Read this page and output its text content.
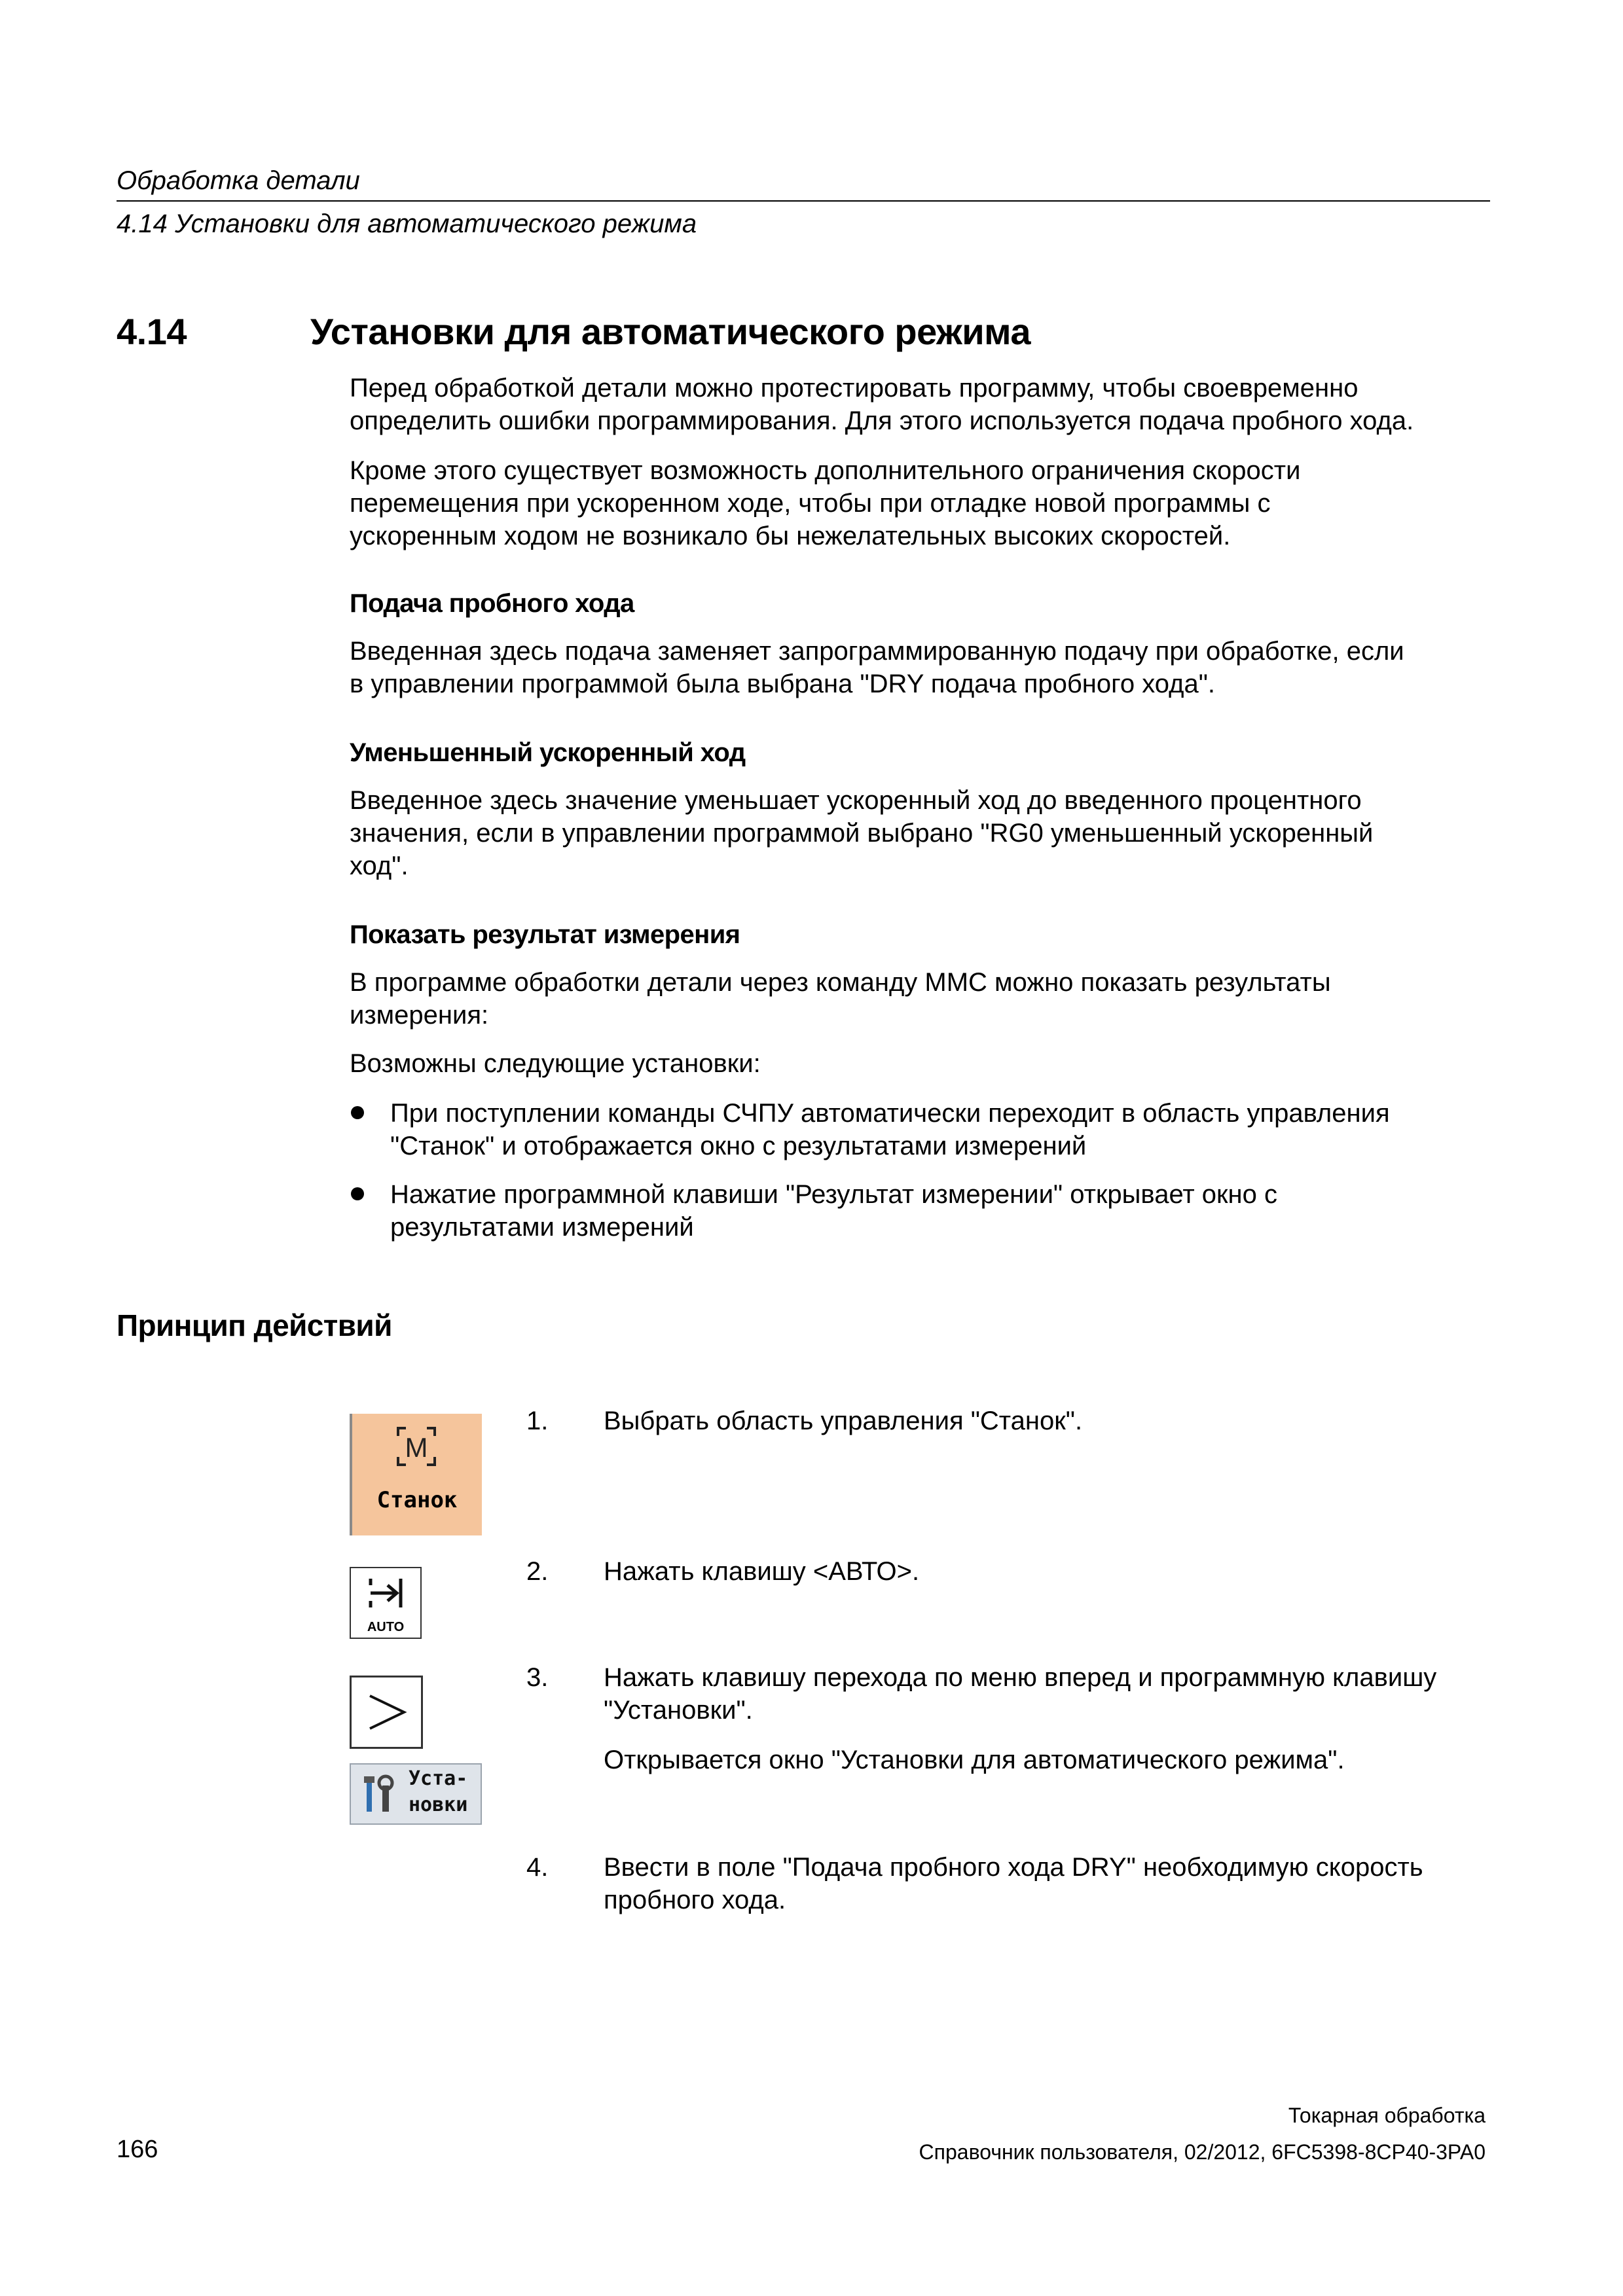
Обработка детали
4.14 Установки для автоматического режима
4.14	Установки для автоматического режима
Перед обработкой детали можно протестировать программу, чтобы своевременно
определить ошибки программирования. Для этого используется подача пробного хода.
Кроме этого существует возможность дополнительного ограничения скорости
перемещения при ускоренном ходе, чтобы при отладке новой программы с
ускоренным ходом не возникало бы нежелательных высоких скоростей.
Подача пробного хода
Введенная здесь подача заменяет запрограммированную подачу при обработке, если
в управлении программой была выбрана "DRY подача пробного хода".
Уменьшенный ускоренный ход
Введенное здесь значение уменьшает ускоренный ход до введенного процентного
значения, если в управлении программой выбрано "RG0 уменьшенный ускоренный
ход".
Показать результат измерения
В программе обработки детали через команду MMC можно показать результаты
измерения:
Возможны следующие установки:
При поступлении команды СЧПУ автоматически переходит в область управления
"Станок" и отображается окно с результатами измерений
Нажатие программной клавиши "Результат измерении" открывает окно с
результатами измерений
Принцип действий
M
Станок
AUTO
Уста-
новки
1. Выбрать область управления "Станок".
2. Нажать клавишу <АВТО>.
3. Нажать клавишу перехода по меню вперед и программную клавишу
"Установки".
Открывается окно "Установки для автоматического режима".
4. Ввести в поле "Подача пробного хода DRY" необходимую скорость
пробного хода.
Токарная обработка
166	Справочник пользователя, 02/2012, 6FC5398-8CP40-3PA0
